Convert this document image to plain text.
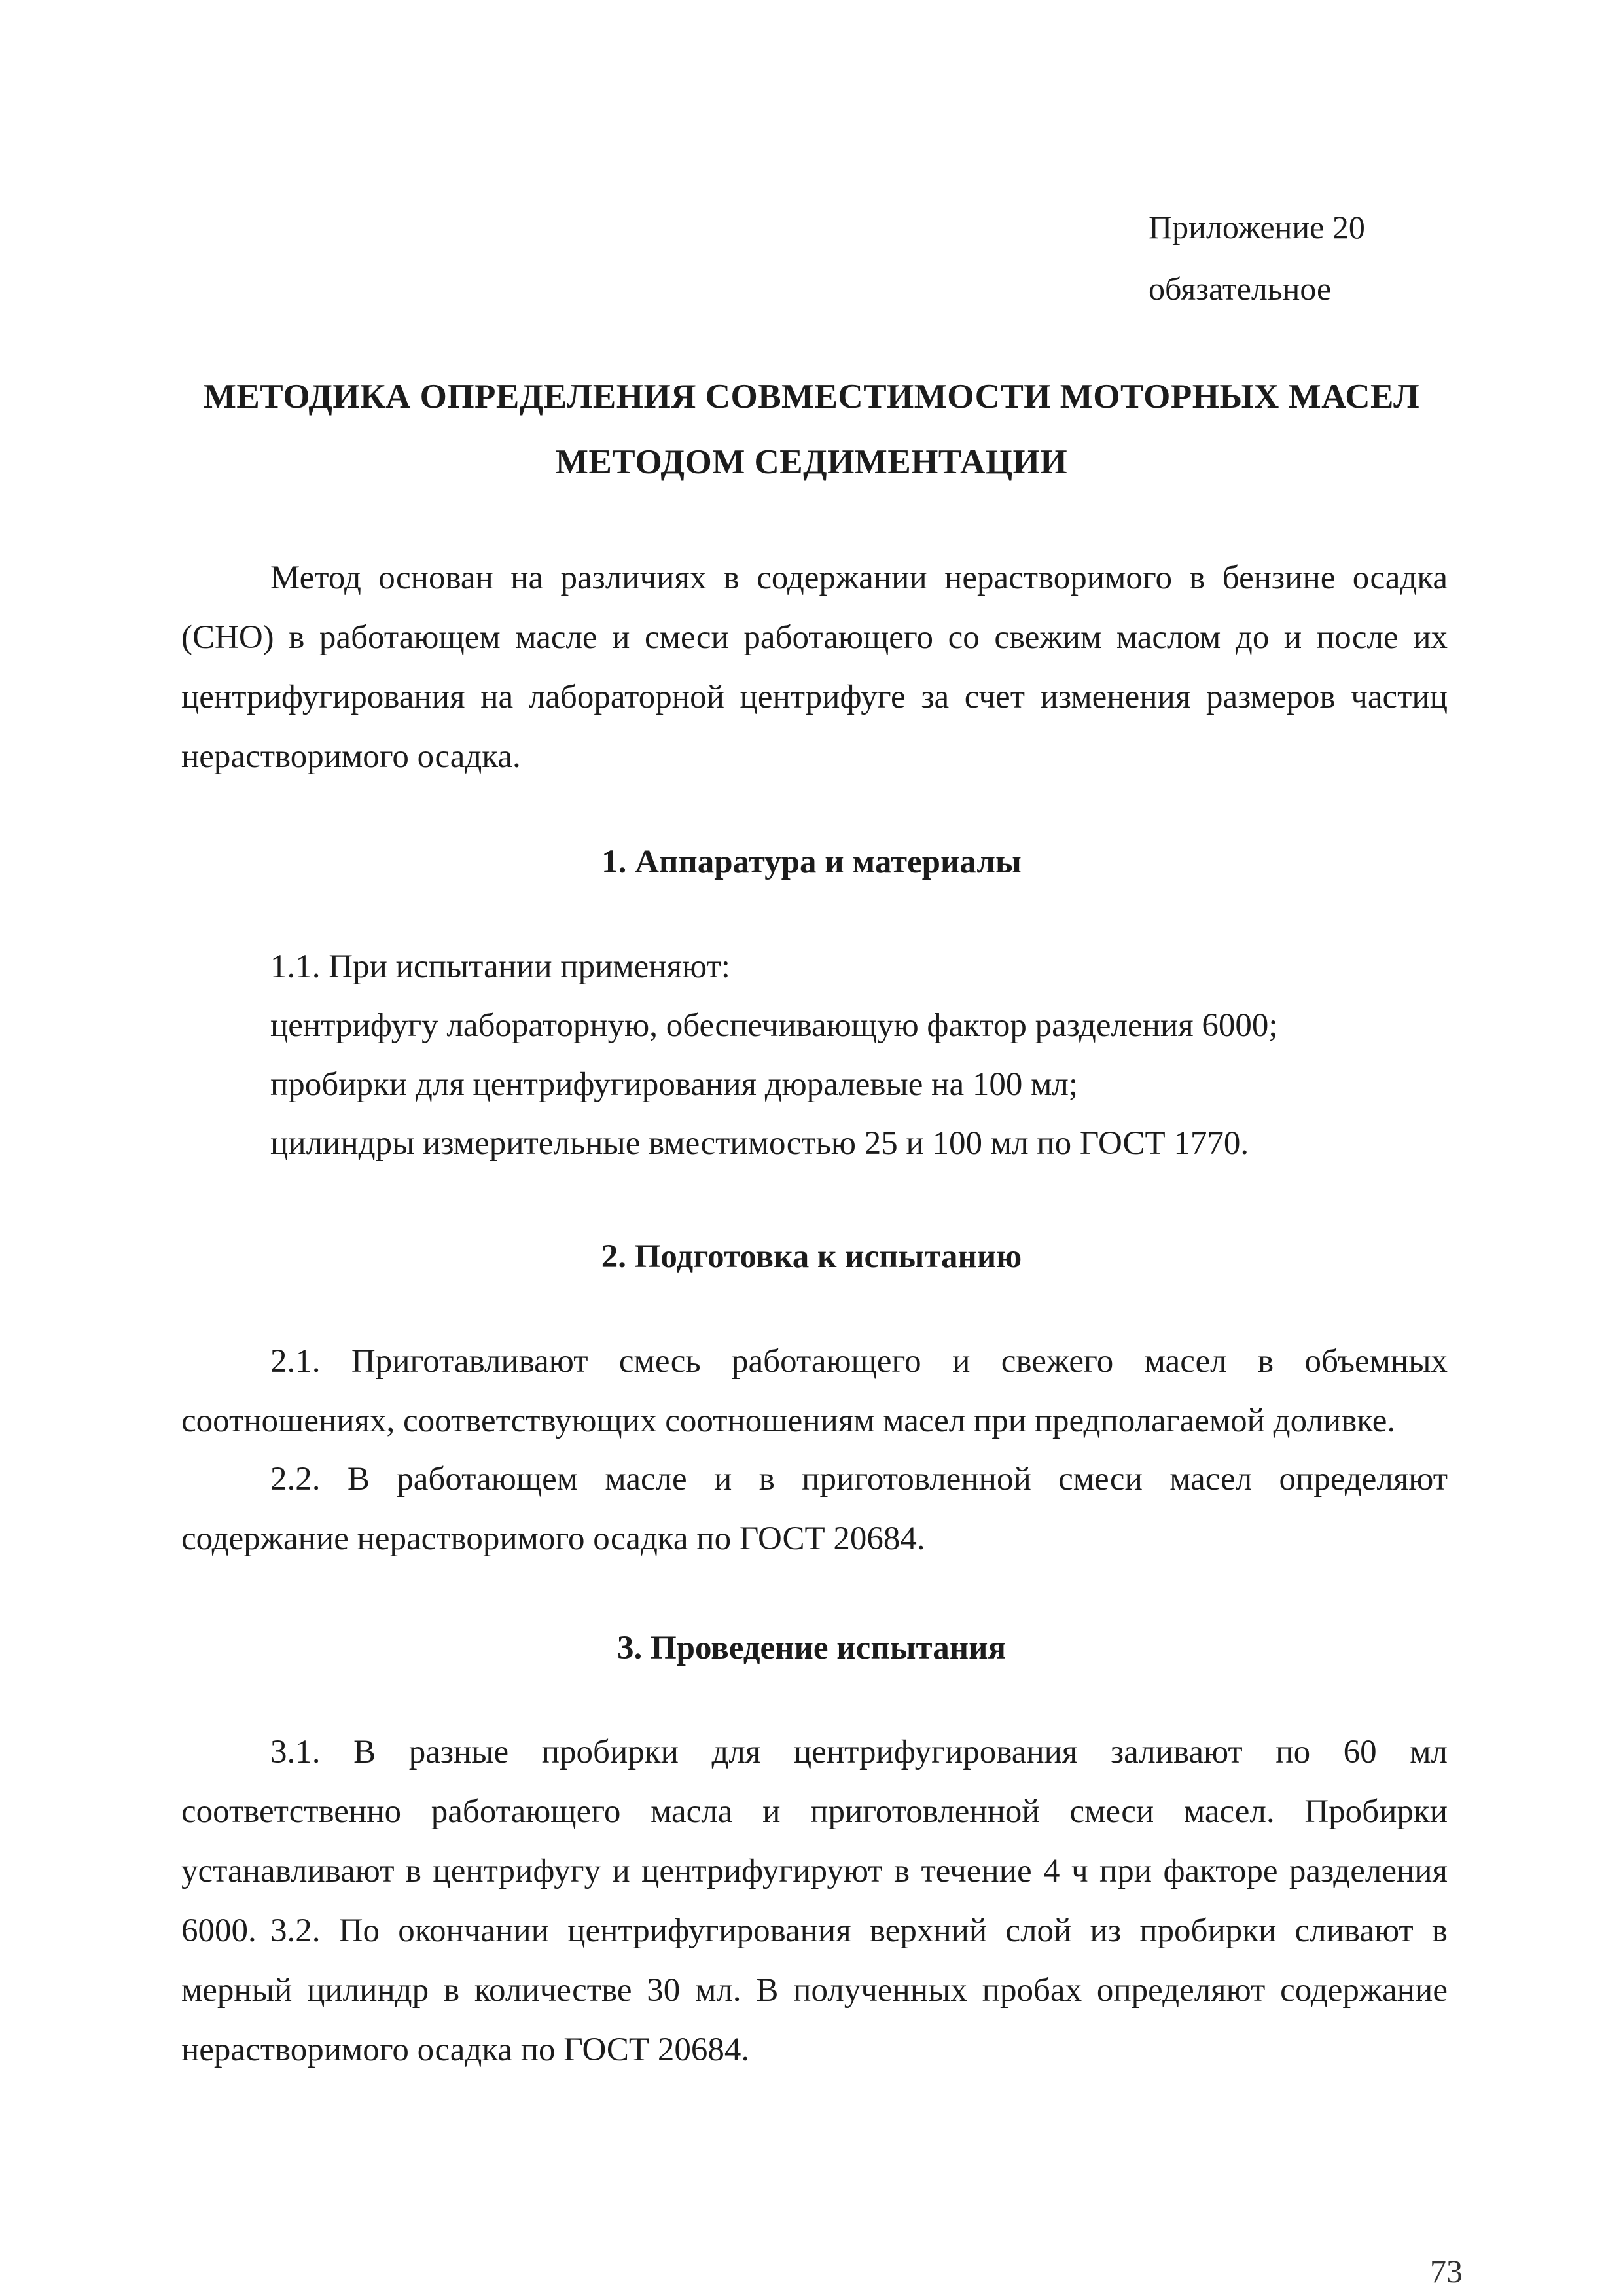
Приложение 20
обязательное
МЕТОДИКА ОПРЕДЕЛЕНИЯ СОВМЕСТИМОСТИ МОТОРНЫХ МАСЕЛ
МЕТОДОМ СЕДИМЕНТАЦИИ
Метод основан на различиях в содержании нерастворимого в бензине осадка (СНО) в работающем масле и смеси работающего со свежим маслом до и после их центрифугирования на лабораторной центрифуге за счет изменения размеров частиц нерастворимого осадка.
1. Аппаратура и материалы
1.1. При испытании применяют:
центрифугу лабораторную, обеспечивающую фактор разделения 6000;
пробирки для центрифугирования дюралевые на 100 мл;
цилиндры измерительные вместимостью 25 и 100 мл по ГОСТ 1770.
2. Подготовка к испытанию
2.1. Приготавливают смесь работающего и свежего масел в объемных соотношениях, соответствующих соотношениям масел при предполагаемой доливке.
2.2. В работающем масле и в приготовленной смеси масел определяют содержание нерастворимого осадка по ГОСТ 20684.
3. Проведение испытания
3.1. В разные пробирки для центрифугирования заливают по 60 мл соответственно работающего масла и приготовленной смеси масел. Пробирки устанавливают в центрифугу и центрифугируют в течение 4 ч при факторе разделения 6000. 3.2. По окончании центрифугирования верхний слой из пробирки сливают в мерный цилиндр в количестве 30 мл. В полученных пробах определяют содержание нерастворимого осадка по ГОСТ 20684.
73
